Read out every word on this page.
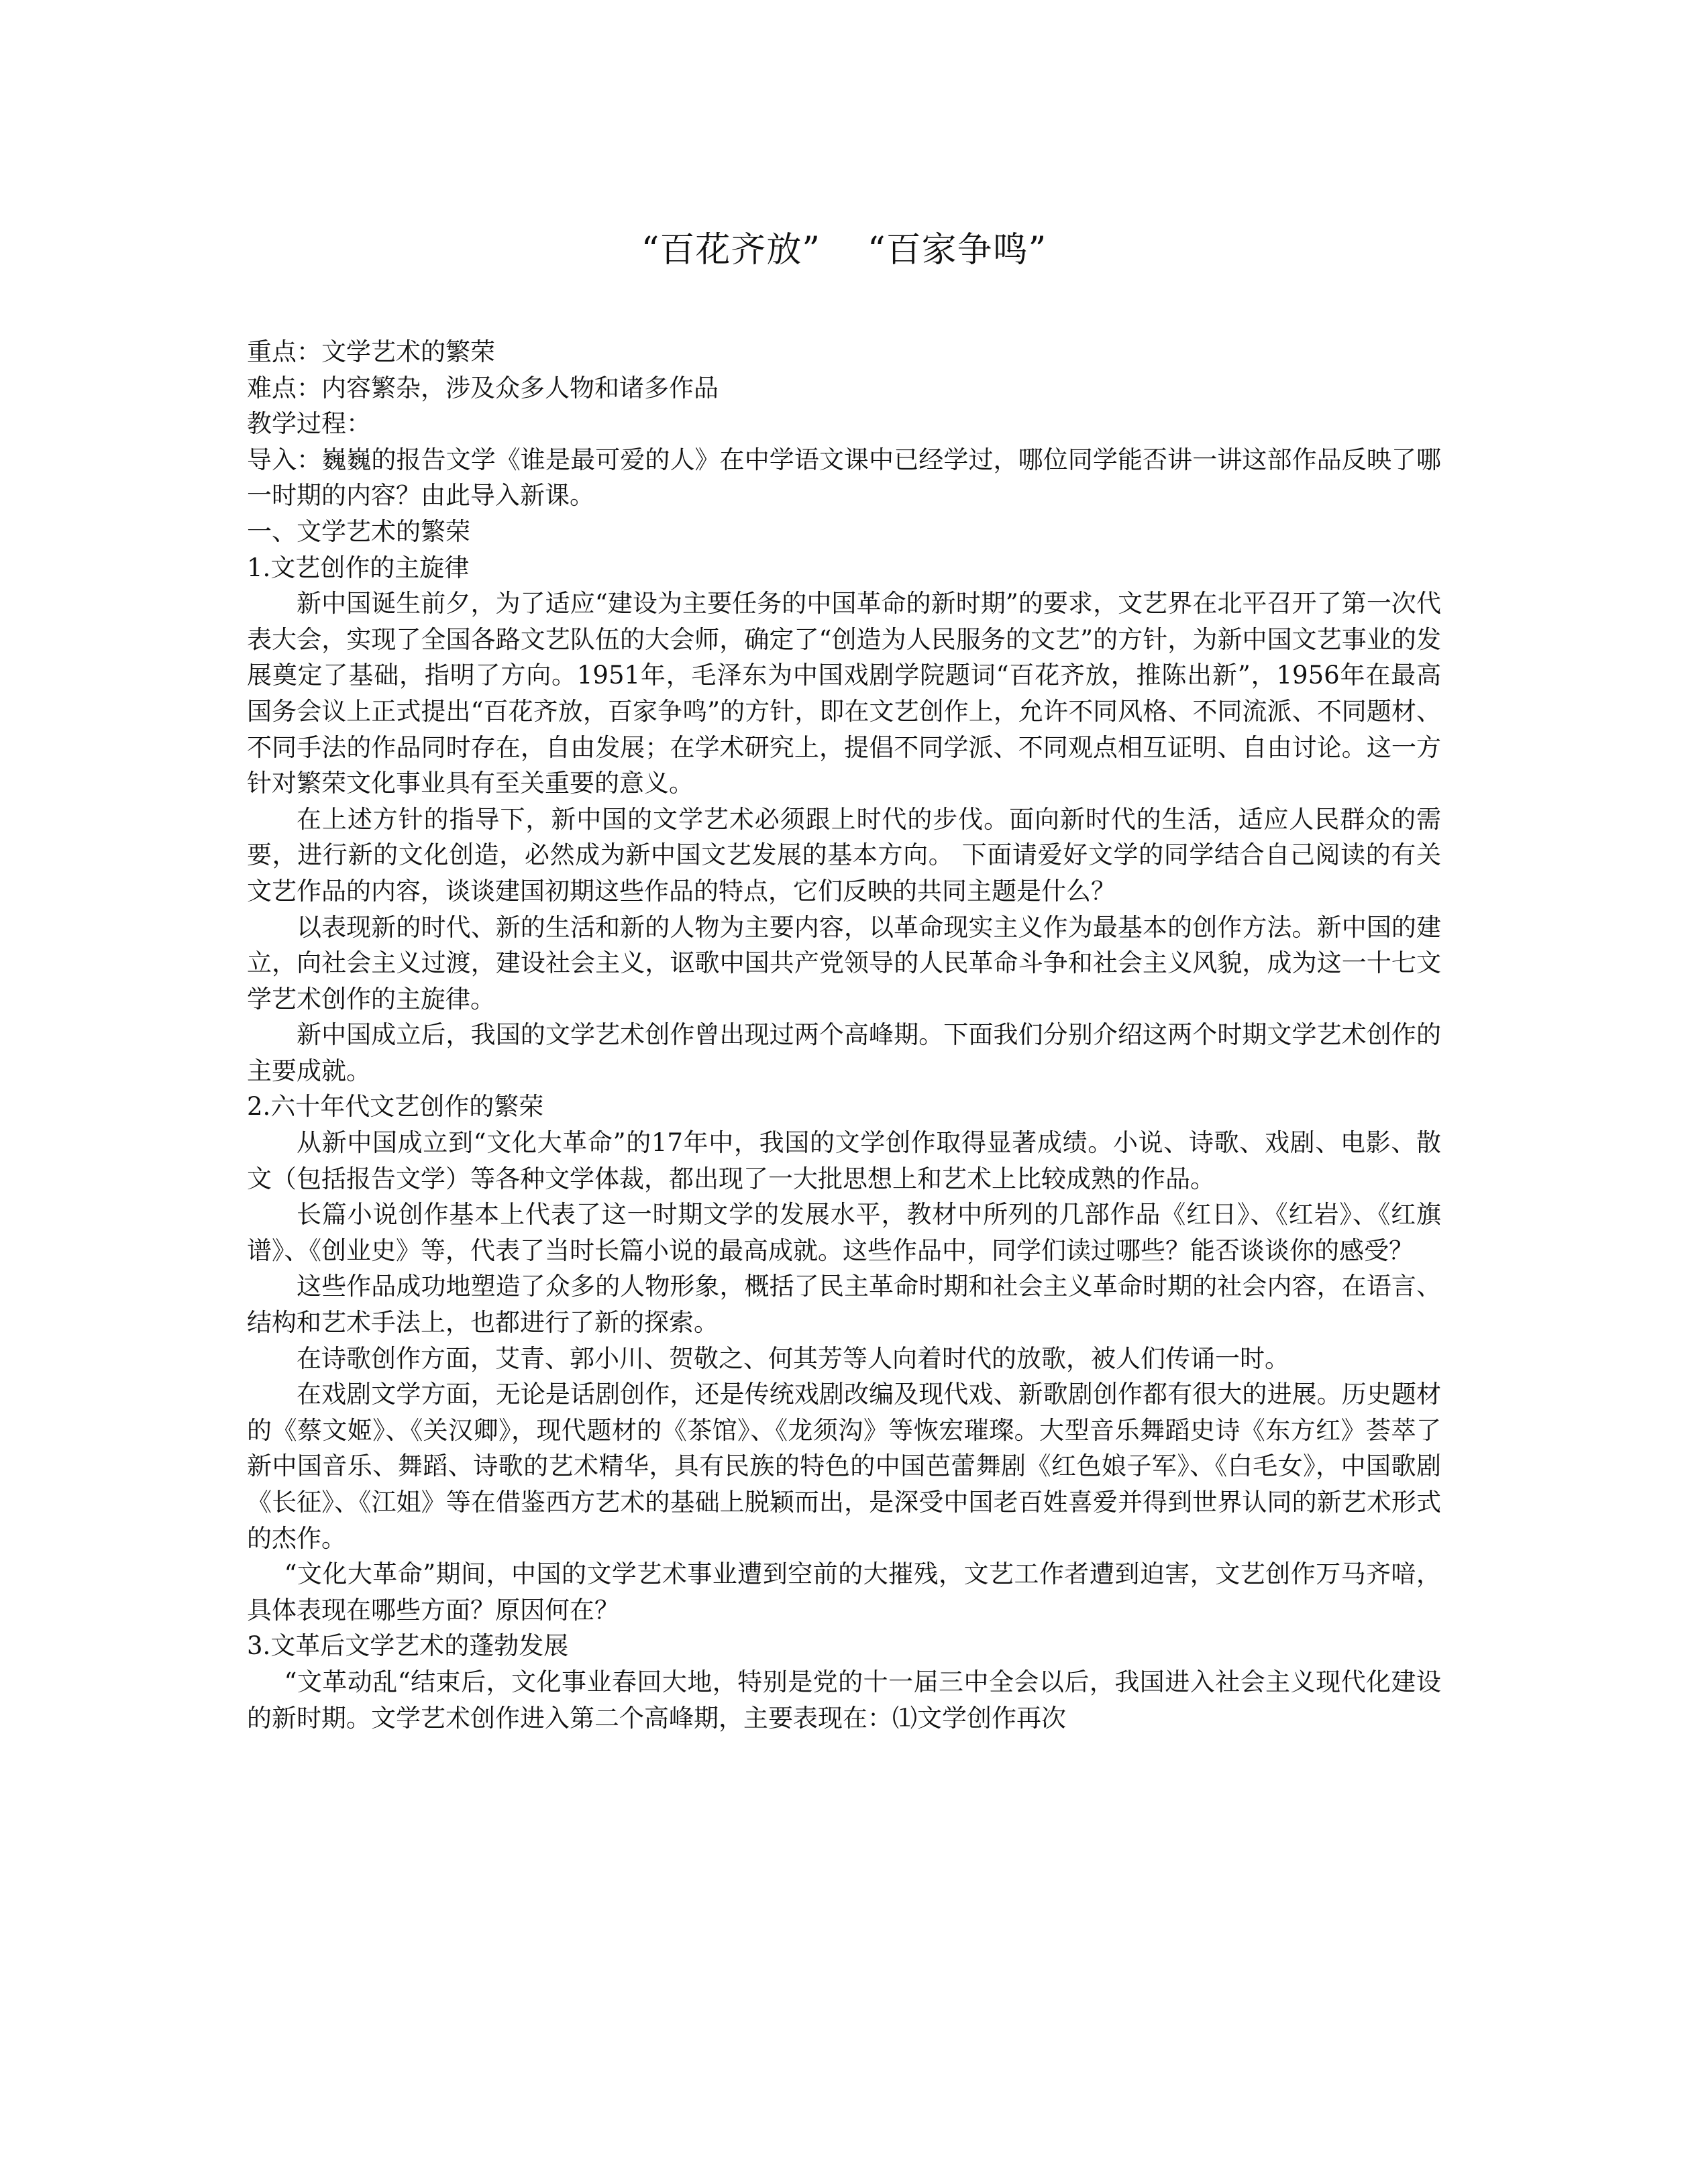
“百花齐放”    “百家争鸣”

重点：文学艺术的繁荣

难点：内容繁杂，涉及众多人物和诸多作品

教学过程：

导入：巍巍的报告文学《谁是最可爱的人》在中学语文课中已经学过，哪位同学能否讲一讲这部作品反映了哪一时期的内容？由此导入新课。

一、文学艺术的繁荣

1.文艺创作的主旋律

新中国诞生前夕，为了适应“建设为主要任务的中国革命的新时期”的要求，文艺界在北平召开了第一次代表大会，实现了全国各路文艺队伍的大会师，确定了“创造为人民服务的文艺”的方针，为新中国文艺事业的发展奠定了基础，指明了方向。1951年，毛泽东为中国戏剧学院题词“百花齐放，推陈出新”，1956年在最高国务会议上正式提出“百花齐放，百家争鸣”的方针，即在文艺创作上，允许不同风格、不同流派、不同题材、不同手法的作品同时存在，自由发展；在学术研究上，提倡不同学派、不同观点相互证明、自由讨论。这一方针对繁荣文化事业具有至关重要的意义。

在上述方针的指导下，新中国的文学艺术必须跟上时代的步伐。面向新时代的生活，适应人民群众的需要，进行新的文化创造，必然成为新中国文艺发展的基本方向。 下面请爱好文学的同学结合自己阅读的有关文艺作品的内容，谈谈建国初期这些作品的特点，它们反映的共同主题是什么？

以表现新的时代、新的生活和新的人物为主要内容，以革命现实主义作为最基本的创作方法。新中国的建立，向社会主义过渡，建设社会主义，讴歌中国共产党领导的人民革命斗争和社会主义风貌，成为这一十七文学艺术创作的主旋律。

新中国成立后，我国的文学艺术创作曾出现过两个高峰期。下面我们分别介绍这两个时期文学艺术创作的主要成就。

2.六十年代文艺创作的繁荣

从新中国成立到“文化大革命”的17年中，我国的文学创作取得显著成绩。小说、诗歌、戏剧、电影、散文（包括报告文学）等各种文学体裁，都出现了一大批思想上和艺术上比较成熟的作品。

长篇小说创作基本上代表了这一时期文学的发展水平，教材中所列的几部作品《红日》、《红岩》、《红旗谱》、《创业史》等，代表了当时长篇小说的最高成就。这些作品中，同学们读过哪些？能否谈谈你的感受？

这些作品成功地塑造了众多的人物形象，概括了民主革命时期和社会主义革命时期的社会内容，在语言、结构和艺术手法上，也都进行了新的探索。

在诗歌创作方面，艾青、郭小川、贺敬之、何其芳等人向着时代的放歌，被人们传诵一时。

在戏剧文学方面，无论是话剧创作，还是传统戏剧改编及现代戏、新歌剧创作都有很大的进展。历史题材的《蔡文姬》、《关汉卿》，现代题材的《茶馆》、《龙须沟》等恢宏璀璨。大型音乐舞蹈史诗《东方红》荟萃了新中国音乐、舞蹈、诗歌的艺术精华，具有民族的特色的中国芭蕾舞剧《红色娘子军》、《白毛女》，中国歌剧《长征》、《江姐》等在借鉴西方艺术的基础上脱颖而出，是深受中国老百姓喜爱并得到世界认同的新艺术形式的杰作。

“文化大革命”期间，中国的文学艺术事业遭到空前的大摧残，文艺工作者遭到迫害，文艺创作万马齐喑，具体表现在哪些方面？原因何在？

3.文革后文学艺术的蓬勃发展

“文革动乱“结束后，文化事业春回大地，特别是党的十一届三中全会以后，我国进入社会主义现代化建设的新时期。文学艺术创作进入第二个高峰期，主要表现在：⑴文学创作再次
